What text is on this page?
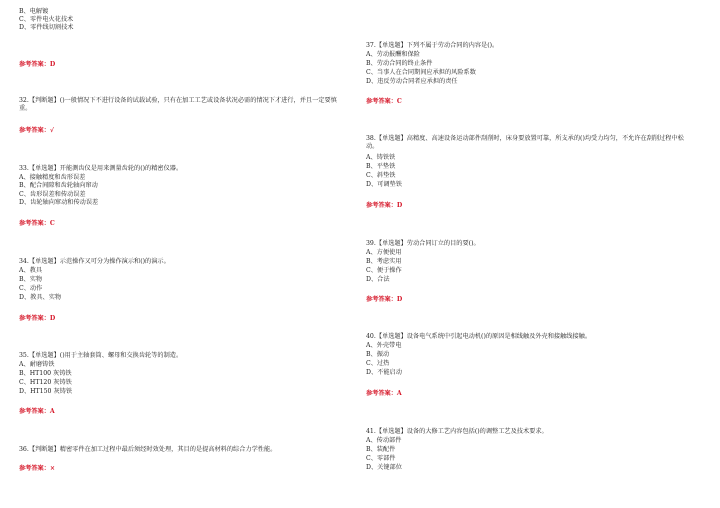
B、电解镀
C、零件电火花技术
D、零件线切割技术
参考答案：D
32.【判断题】()一般情况下不进行设备的试载试验，只有在加工工艺或设备状况必需的情况下才进行，并且一定要慎重。
参考答案：√
33.【单选题】开能测齿仪是用来测量齿轮的()的精密仪器。
A、接触精度和齿形误差
B、配合间隙和齿轮轴向窜动
C、齿形误差和传动误差
D、齿轮轴向窜动和传动误差
参考答案：C
34.【单选题】示范操作又可分为操作演示和()的演示。
A、教具
B、实物
C、动作
D、教具、实物
参考答案：D
35.【单选题】()用于主轴套筒、螺母和交换齿轮等的制造。
A、耐磨铸铁
B、HT100 灰铸铁
C、HT120 灰铸铁
D、HT150 灰铸铁
参考答案：A
36.【判断题】精密零件在加工过程中最后须经时效处理，其目的是提高材料的综合力学性能。
参考答案：×
37.【单选题】下列不属于劳动合同的内容是()。
A、劳动报酬和保险
B、劳动合同的终止条件
C、当事人在合同期间应承担的风险系数
D、违反劳动合同者应承担的责任
参考答案：C
38.【单选题】高精度、高速设备运动部件刮削时，床身要放置可靠，所支承的()均受力均匀，不允许在刮削过程中松动。
A、铸铁铁
B、平垫铁
C、斜垫铁
D、可调垫铁
参考答案：D
39.【单选题】劳动合同订立的目的要()。
A、方便使用
B、考虑实用
C、便于操作
D、合法
参考答案：D
40.【单选题】设备电气系统中引起电动机()的原因是相线触及外壳和接触线接触。
A、外壳带电
B、振动
C、过热
D、不能启动
参考答案：A
41.【单选题】设备的大修工艺内容包括()的调整工艺及技术要求。
A、传动部件
B、装配件
C、零部件
D、关键部位
